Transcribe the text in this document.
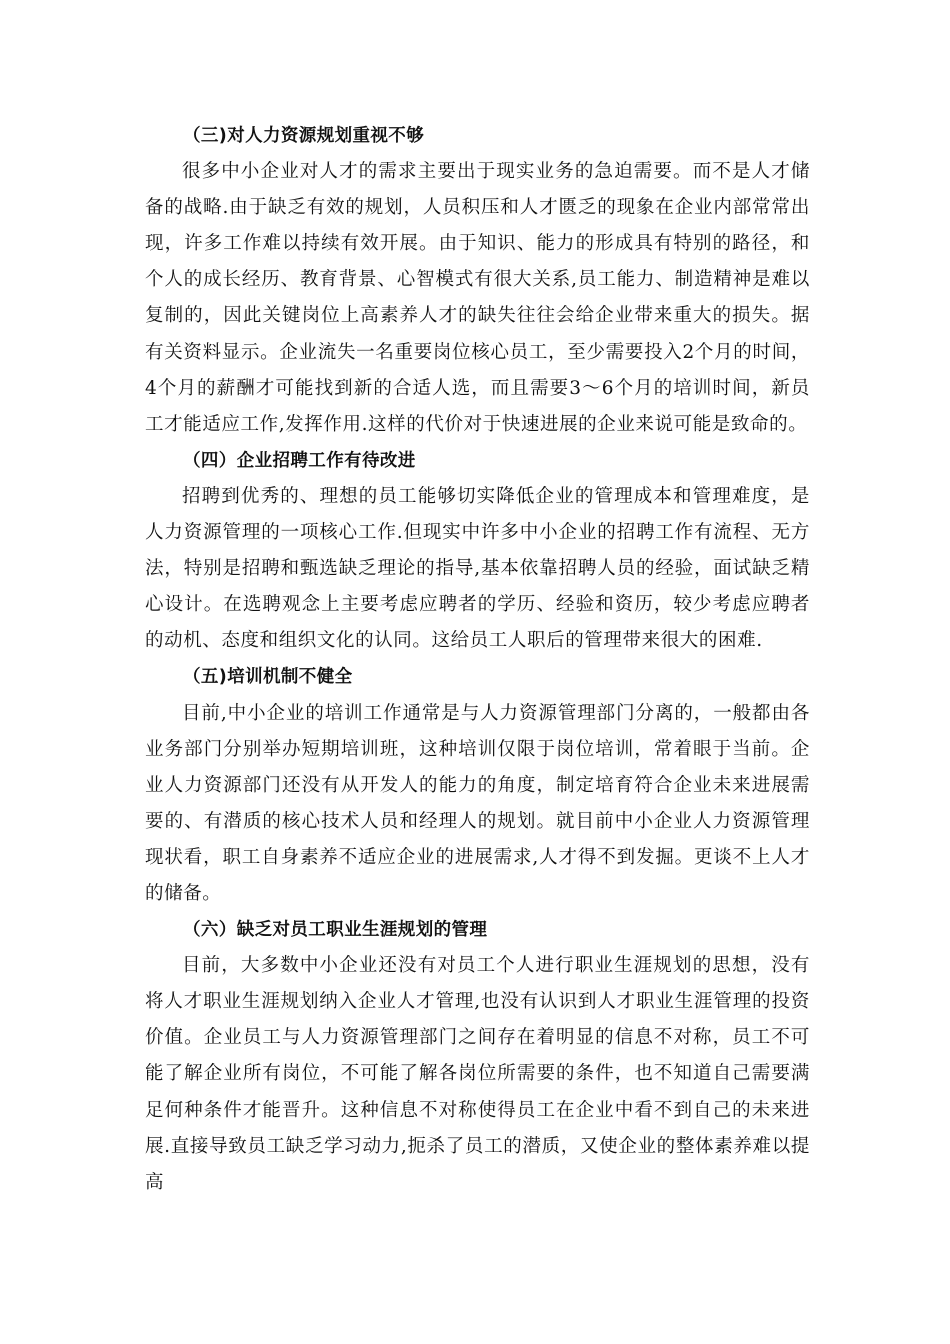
（三)对人力资源规划重视不够

很多中小企业对人才的需求主要出于现实业务的急迫需要。而不是人才储备的战略.由于缺乏有效的规划，人员积压和人才匮乏的现象在企业内部常常出现，许多工作难以持续有效开展。由于知识、能力的形成具有特别的路径，和个人的成长经历、教育背景、心智模式有很大关系,员工能力、制造精神是难以复制的，因此关键岗位上高素养人才的缺失往往会给企业带来重大的损失。据有关资料显示。企业流失一名重要岗位核心员工，至少需要投入2个月的时间，4个月的薪酬才可能找到新的合适人选，而且需要3～6个月的培训时间，新员工才能适应工作,发挥作用.这样的代价对于快速进展的企业来说可能是致命的。

（四）企业招聘工作有待改进

招聘到优秀的、理想的员工能够切实降低企业的管理成本和管理难度，是人力资源管理的一项核心工作.但现实中许多中小企业的招聘工作有流程、无方法，特别是招聘和甄选缺乏理论的指导,基本依靠招聘人员的经验，面试缺乏精心设计。在选聘观念上主要考虑应聘者的学历、经验和资历，较少考虑应聘者的动机、态度和组织文化的认同。这给员工人职后的管理带来很大的困难.

（五)培训机制不健全

目前,中小企业的培训工作通常是与人力资源管理部门分离的，一般都由各业务部门分别举办短期培训班，这种培训仅限于岗位培训，常着眼于当前。企业人力资源部门还没有从开发人的能力的角度，制定培育符合企业未来进展需要的、有潜质的核心技术人员和经理人的规划。就目前中小企业人力资源管理现状看，职工自身素养不适应企业的进展需求,人才得不到发掘。更谈不上人才的储备。

（六）缺乏对员工职业生涯规划的管理

目前，大多数中小企业还没有对员工个人进行职业生涯规划的思想，没有将人才职业生涯规划纳入企业人才管理,也没有认识到人才职业生涯管理的投资价值。企业员工与人力资源管理部门之间存在着明显的信息不对称，员工不可能了解企业所有岗位，不可能了解各岗位所需要的条件，也不知道自己需要满足何种条件才能晋升。这种信息不对称使得员工在企业中看不到自己的未来进展.直接导致员工缺乏学习动力,扼杀了员工的潜质，又使企业的整体素养难以提高
